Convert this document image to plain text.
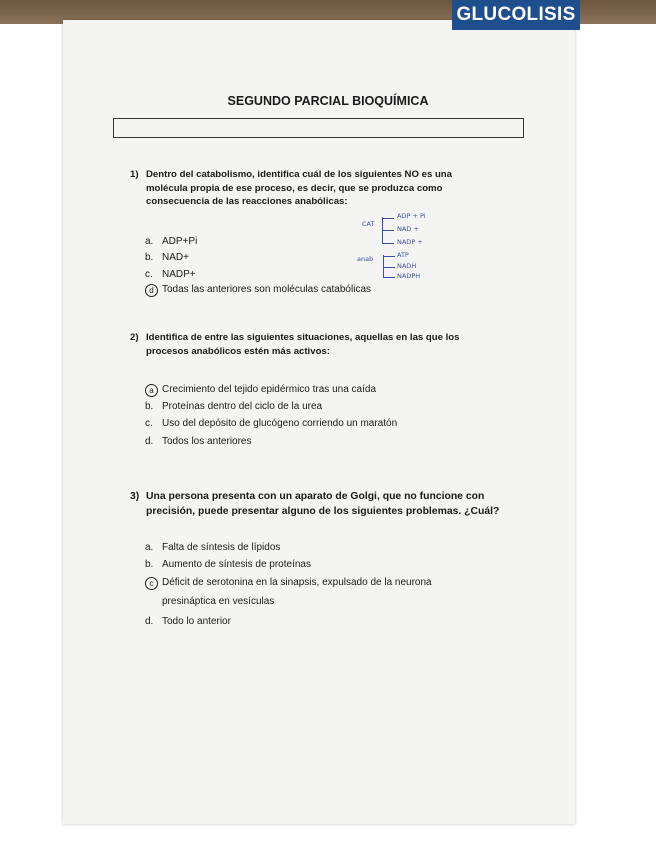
GLUCOLISIS
SEGUNDO PARCIAL BIOQUÍMICA
1) Dentro del catabolismo, identifica cuál de los siguientes NO es una
molécula propia de ese proceso, es decir, que se produzca como
consecuencia de las reacciones anabólicas:
CAT
ADP + Pi
NAD +
NADP +
anab	ATP
NADH
NADPH
a. ADP+Pi
b. NAD+
c. NADP+
d Todas las anteriores son moléculas catabólicas
2) Identifica de entre las siguientes situaciones, aquellas en las que los
procesos anabólicos estén más activos:
a Crecimiento del tejido epidérmico tras una caída
b. Proteínas dentro del ciclo de la urea
c. Uso del depósito de glucógeno corriendo un maratón
d. Todos los anteriores
3) Una persona presenta con un aparato de Golgi, que no funcione con
precisión, puede presentar alguno de los siguientes problemas. ¿Cuál?
a. Falta de síntesis de lípidos
b. Aumento de síntesis de proteínas
c Déficit de serotonina en la sinapsis, expulsado de la neurona
presináptica en vesículas
d. Todo lo anterior
